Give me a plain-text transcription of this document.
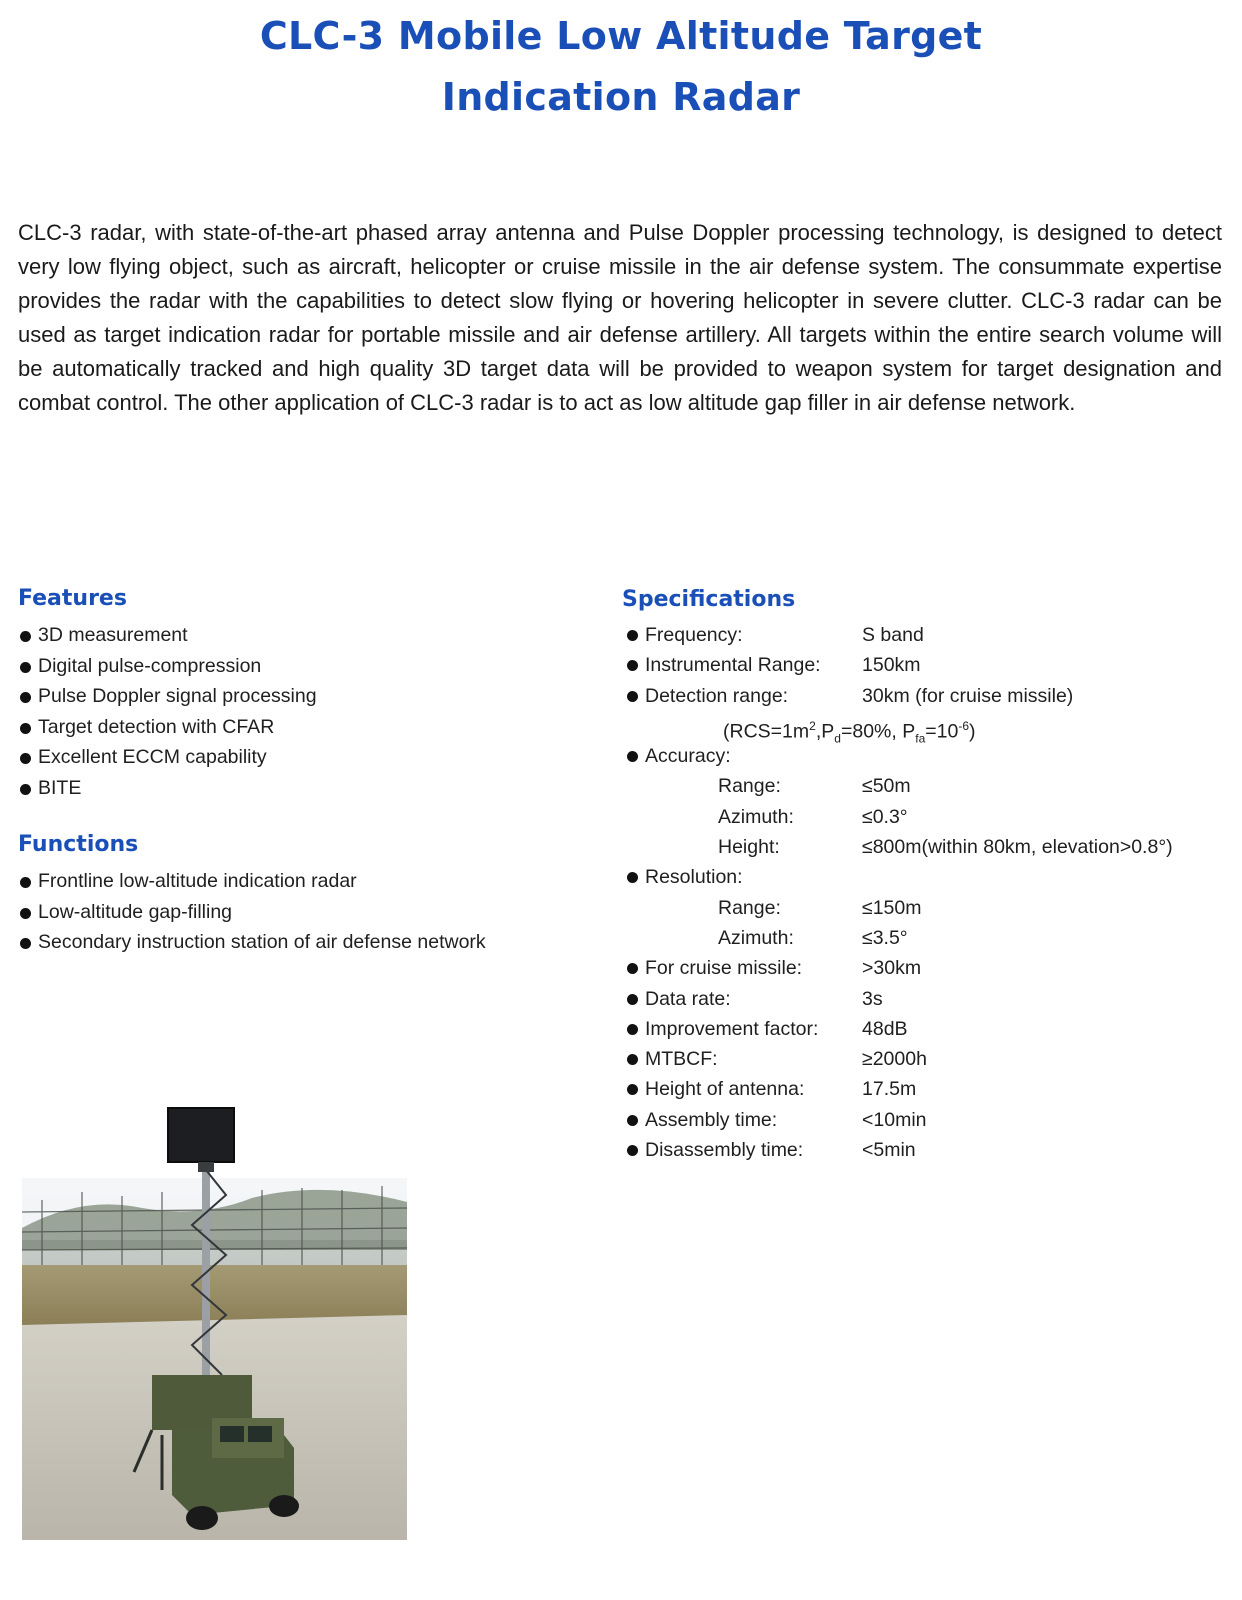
CLC-3 Mobile Low Altitude Target
Indication Radar

CLC-3 radar, with state-of-the-art phased array antenna and Pulse Doppler processing technology, is designed to detect very low flying object, such as aircraft, helicopter or cruise missile in the air defense system. The consummate expertise provides the radar with the capabilities to detect slow flying or hovering helicopter in severe clutter. CLC-3 radar can be used as target indication radar for portable missile and air defense artillery. All targets within the entire search volume will be automatically tracked and high quality 3D target data will be provided to weapon system for target designation and combat control. The other application of CLC-3 radar is to act as low altitude gap filler in air defense network.

Features
3D measurement
Digital pulse-compression
Pulse Doppler signal processing
Target detection with CFAR
Excellent ECCM capability
BITE
Functions
Frontline low-altitude indication radar
Low-altitude gap-filling
Secondary instruction station of air defense network
Specifications
Frequency:	S band
Instrumental Range: 150km
Detection range:	30km (for cruise missile)
($RCS=1m^2,P_d=80\%$, $P_{fa}=10^{-6}$)
Accuracy:
Range:	≤50m
Azimuth:	≤0.3°
Height:	≤800m(within 80km, elevation>0.8°)
Resolution:
Range:	≤150m
Azimuth:	≤3.5°
For cruise missile:	>30km
Data rate:	3s
Improvement factor: 48dB
MTBCF:	≥2000h
Height of antenna:	17.5m
Assembly time:	<10min
Disassembly time:	<5min
